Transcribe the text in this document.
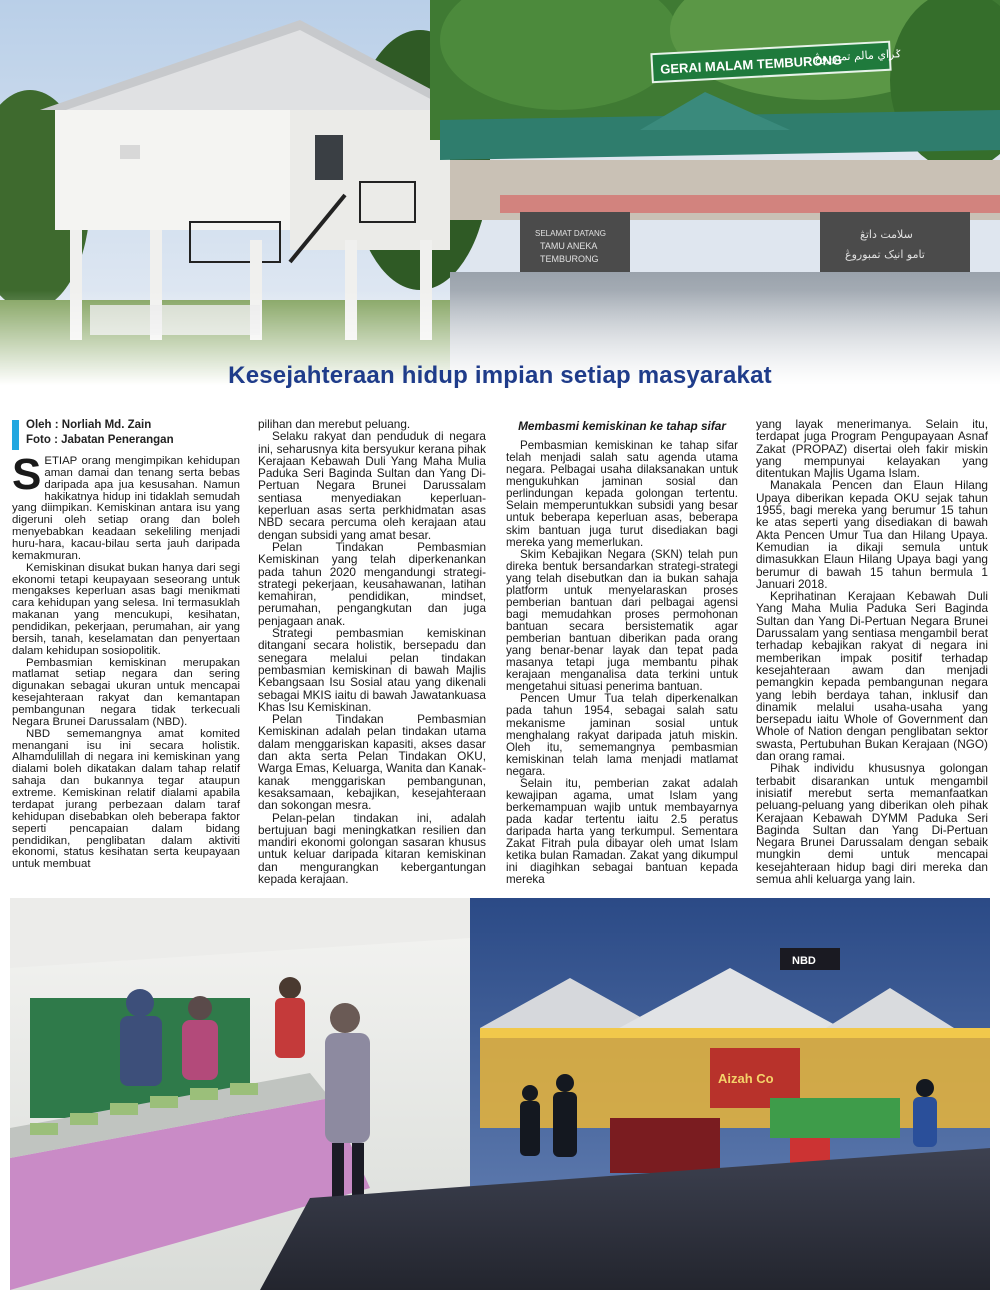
GERAI MALAM TEMBURONG
ݢراي مالم تمبوروڠ
SELAMAT DATANG
TAMU ANEKA
TEMBURONG
سلامت داتڠ
تامو انيک تمبوروڠ
Kesejahteraan hidup impian setiap masyarakat
Oleh : Norliah Md. Zain
Foto : Jabatan Penerangan

SETIAP orang mengimpikan kehidupan aman damai dan tenang serta bebas daripada apa jua kesusahan. Namun hakikatnya hidup ini tidaklah semudah yang diimpikan. Kemiskinan antara isu yang digeruni oleh setiap orang dan boleh menyebabkan keadaan sekeliling menjadi huru-hara, kacau-bilau serta jauh daripada kemakmuran.

Kemiskinan disukat bukan hanya dari segi ekonomi tetapi keupayaan seseorang untuk mengakses keperluan asas bagi menikmati cara kehidupan yang selesa. Ini termasuklah makanan yang mencukupi, kesihatan, pendidikan, pekerjaan, perumahan, air yang bersih, tanah, keselamatan dan penyertaan dalam kehidupan sosiopolitik.

Pembasmian kemiskinan merupakan matlamat setiap negara dan sering digunakan sebagai ukuran untuk mencapai kesejahteraan rakyat dan kemantapan pembangunan negara tidak terkecuali Negara Brunei Darussalam (NBD).

NBD sememangnya amat komited menangani isu ini secara holistik. Alhamdulillah di negara ini kemiskinan yang dialami boleh dikatakan dalam tahap relatif sahaja dan bukannya tegar ataupun extreme. Kemiskinan relatif dialami apabila terdapat jurang perbezaan dalam taraf kehidupan disebabkan oleh beberapa faktor seperti pencapaian dalam bidang pendidikan, penglibatan dalam aktiviti ekonomi, status kesihatan serta keupayaan untuk membuat

pilihan dan merebut peluang.

Selaku rakyat dan penduduk di negara ini, seharusnya kita bersyukur kerana pihak Kerajaan Kebawah Duli Yang Maha Mulia Paduka Seri Baginda Sultan dan Yang Di-Pertuan Negara Brunei Darussalam sentiasa menyediakan keperluan-keperluan asas serta perkhidmatan asas NBD secara percuma oleh kerajaan atau dengan subsidi yang amat besar.

Pelan Tindakan Pembasmian Kemiskinan yang telah diperkenankan pada tahun 2020 mengandungi strategi-strategi pekerjaan, keusahawanan, latihan kemahiran, pendidikan, mindset, perumahan, pengangkutan dan juga penjagaan anak.

Strategi pembasmian kemiskinan ditangani secara holistik, bersepadu dan senegara melalui pelan tindakan pembasmian kemiskinan di bawah Majlis Kebangsaan Isu Sosial atau yang dikenali sebagai MKIS iaitu di bawah Jawatankuasa Khas Isu Kemiskinan.

Pelan Tindakan Pembasmian Kemiskinan adalah pelan tindakan utama dalam menggariskan kapasiti, akses dasar dan akta serta Pelan Tindakan OKU, Warga Emas, Keluarga, Wanita dan Kanak-kanak menggariskan pembangunan, kesaksamaan, kebajikan, kesejahteraan dan sokongan mesra.

Pelan-pelan tindakan ini, adalah bertujuan bagi meningkatkan resilien dan mandiri ekonomi golongan sasaran khusus untuk keluar daripada kitaran kemiskinan dan mengurangkan kebergantungan kepada kerajaan.

Membasmi kemiskinan ke tahap sifar

Pembasmian kemiskinan ke tahap sifar telah menjadi salah satu agenda utama negara. Pelbagai usaha dilaksanakan untuk mengukuhkan jaminan sosial dan perlindungan kepada golongan tertentu. Selain memperuntukkan subsidi yang besar untuk beberapa keperluan asas, beberapa skim bantuan juga turut disediakan bagi mereka yang memerlukan.

Skim Kebajikan Negara (SKN) telah pun direka bentuk bersandarkan strategi-strategi yang telah disebutkan dan ia bukan sahaja platform untuk menyelaraskan proses pemberian bantuan dari pelbagai agensi bagi memudahkan proses permohonan bantuan secara bersistematik agar pemberian bantuan diberikan pada orang yang benar-benar layak dan tepat pada masanya tetapi juga membantu pihak kerajaan menganalisa data terkini untuk mengetahui situasi penerima bantuan.

Pencen Umur Tua telah diperkenalkan pada tahun 1954, sebagai salah satu mekanisme jaminan sosial untuk menghalang rakyat daripada jatuh miskin. Oleh itu, sememangnya pembasmian kemiskinan telah lama menjadi matlamat negara.

Selain itu, pemberian zakat adalah kewajipan agama, umat Islam yang berkemampuan wajib untuk membayarnya pada kadar tertentu iaitu 2.5 peratus daripada harta yang terkumpul. Sementara Zakat Fitrah pula dibayar oleh umat Islam ketika bulan Ramadan. Zakat yang dikumpul ini diagihkan sebagai bantuan kepada mereka

yang layak menerimanya. Selain itu, terdapat juga Program Pengupayaan Asnaf Zakat (PROPAZ) disertai oleh fakir miskin yang mempunyai kelayakan yang ditentukan Majlis Ugama Islam.

Manakala Pencen dan Elaun Hilang Upaya diberikan kepada OKU sejak tahun 1955, bagi mereka yang berumur 15 tahun ke atas seperti yang disediakan di bawah Akta Pencen Umur Tua dan Hilang Upaya. Kemudian ia dikaji semula untuk dimasukkan Elaun Hilang Upaya bagi yang berumur di bawah 15 tahun bermula 1 Januari 2018.

Keprihatinan Kerajaan Kebawah Duli Yang Maha Mulia Paduka Seri Baginda Sultan dan Yang Di-Pertuan Negara Brunei Darussalam yang sentiasa mengambil berat terhadap kebajikan rakyat di negara ini memberikan impak positif terhadap kesejahteraan awam dan menjadi pemangkin kepada pembangunan negara yang lebih berdaya tahan, inklusif dan dinamik melalui usaha-usaha yang bersepadu iaitu Whole of Government dan Whole of Nation dengan penglibatan sektor swasta, Pertubuhan Bukan Kerajaan (NGO) dan orang ramai.

Pihak individu khususnya golongan terbabit disarankan untuk mengambil inisiatif merebut serta memanfaatkan peluang-peluang yang diberikan oleh pihak Kerajaan Kebawah DYMM Paduka Seri Baginda Sultan dan Yang Di-Pertuan Negara Brunei Darussalam dengan sebaik mungkin demi untuk mencapai kesejahteraan hidup bagi diri mereka dan semua ahli keluarga yang lain.

Aizah Co
NBD
